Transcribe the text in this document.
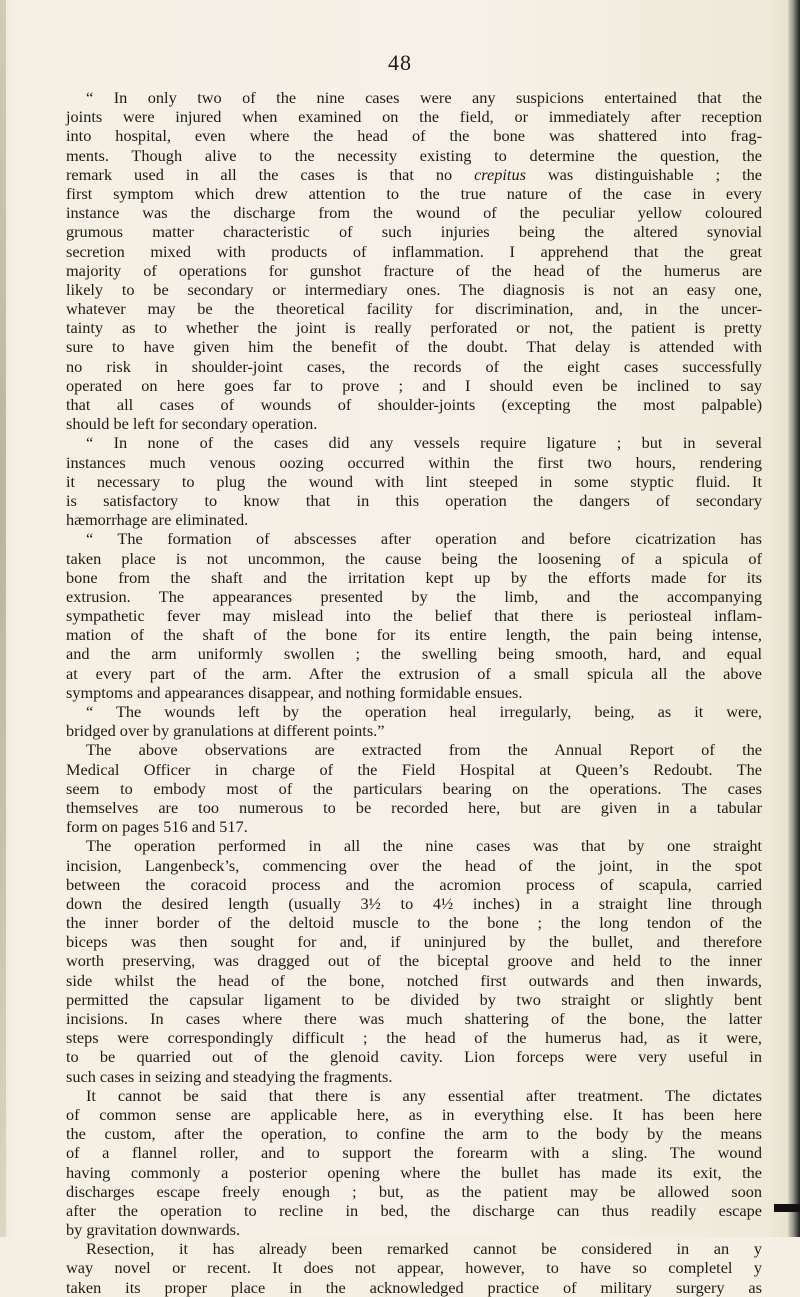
48
“ In only two of the nine cases were any suspicions entertained that the
joints were injured when examined on the field, or immediately after reception
into hospital, even where the head of the bone was shattered into frag-
ments. Though alive to the necessity existing to determine the question, the
remark used in all the cases is that no crepitus was distinguishable ; the
first symptom which drew attention to the true nature of the case in every
instance was the discharge from the wound of the peculiar yellow coloured
grumous matter characteristic of such injuries being the altered synovial
secretion mixed with products of inflammation. I apprehend that the great
majority of operations for gunshot fracture of the head of the humerus are
likely to be secondary or intermediary ones. The diagnosis is not an easy one,
whatever may be the theoretical facility for discrimination, and, in the uncer-
tainty as to whether the joint is really perforated or not, the patient is pretty
sure to have given him the benefit of the doubt. That delay is attended with
no risk in shoulder-joint cases, the records of the eight cases successfully
operated on here goes far to prove ; and I should even be inclined to say
that all cases of wounds of shoulder-joints (excepting the most palpable)
should be left for secondary operation.
“ In none of the cases did any vessels require ligature ; but in several
instances much venous oozing occurred within the first two hours, rendering
it necessary to plug the wound with lint steeped in some styptic fluid. It
is satisfactory to know that in this operation the dangers of secondary
hæmorrhage are eliminated.
“ The formation of abscesses after operation and before cicatrization has
taken place is not uncommon, the cause being the loosening of a spicula of
bone from the shaft and the irritation kept up by the efforts made for its
extrusion. The appearances presented by the limb, and the accompanying
sympathetic fever may mislead into the belief that there is periosteal inflam-
mation of the shaft of the bone for its entire length, the pain being intense,
and the arm uniformly swollen ; the swelling being smooth, hard, and equal
at every part of the arm. After the extrusion of a small spicula all the above
symptoms and appearances disappear, and nothing formidable ensues.
“ The wounds left by the operation heal irregularly, being, as it were,
bridged over by granulations at different points.”
The above observations are extracted from the Annual Report of the
Medical Officer in charge of the Field Hospital at Queen’s Redoubt. The
seem to embody most of the particulars bearing on the operations. The cases
themselves are too numerous to be recorded here, but are given in a tabular
form on pages 516 and 517.
The operation performed in all the nine cases was that by one straight
incision, Langenbeck’s, commencing over the head of the joint, in the spot
between the coracoid process and the acromion process of scapula, carried
down the desired length (usually 3½ to 4½ inches) in a straight line through
the inner border of the deltoid muscle to the bone ; the long tendon of the
biceps was then sought for and, if uninjured by the bullet, and therefore
worth preserving, was dragged out of the biceptal groove and held to the inner
side whilst the head of the bone, notched first outwards and then inwards,
permitted the capsular ligament to be divided by two straight or slightly bent
incisions. In cases where there was much shattering of the bone, the latter
steps were correspondingly difficult ; the head of the humerus had, as it were,
to be quarried out of the glenoid cavity. Lion forceps were very useful in
such cases in seizing and steadying the fragments.
It cannot be said that there is any essential after treatment. The dictates
of common sense are applicable here, as in everything else. It has been here
the custom, after the operation, to confine the arm to the body by the means
of a flannel roller, and to support the forearm with a sling. The wound
having commonly a posterior opening where the bullet has made its exit, the
discharges escape freely enough ; but, as the patient may be allowed soon
after the operation to recline in bed, the discharge can thus readily escape
by gravitation downwards.
Resection, it has already been remarked cannot be considered in an y
way novel or recent. It does not appear, however, to have so completel y
taken its proper place in the acknowledged practice of military surgery as
